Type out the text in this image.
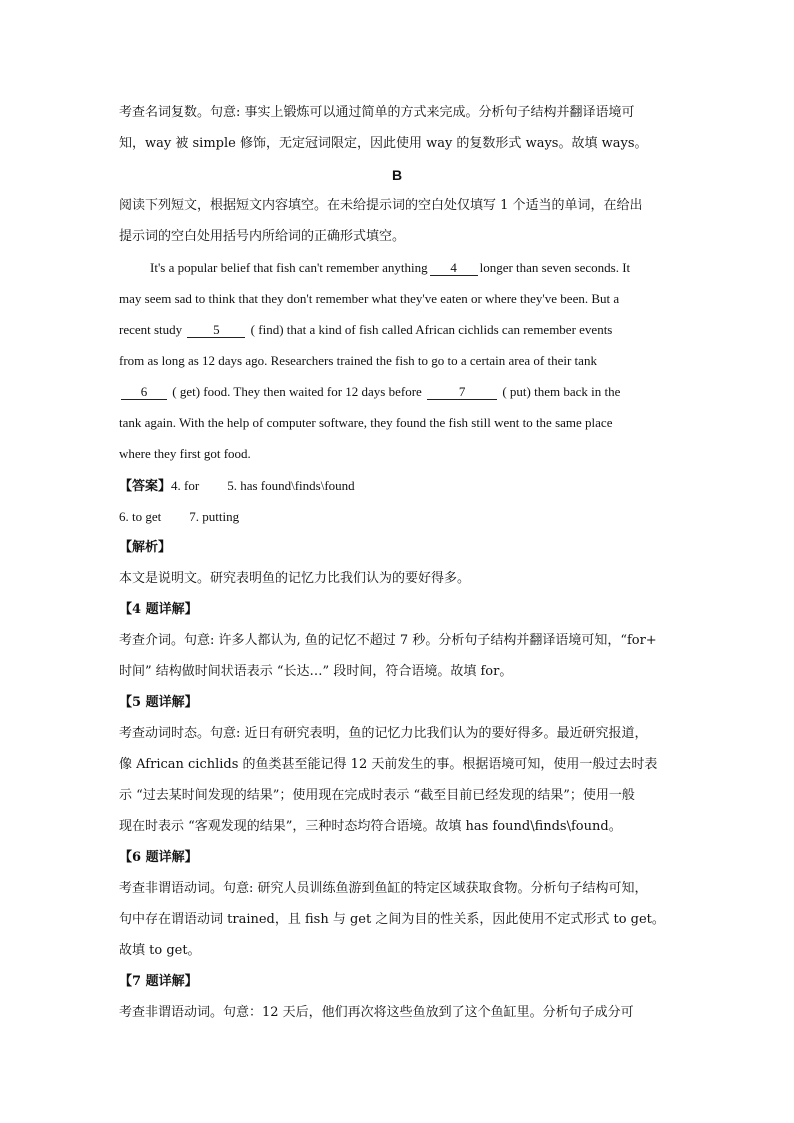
考查名词复数。句意: 事实上锻炼可以通过简单的方式来完成。分析句子结构并翻译语境可
知，way 被 simple 修饰，无定冠词限定，因此使用 way 的复数形式 ways。故填 ways。
B
阅读下列短文，根据短文内容填空。在未给提示词的空白处仅填写 1 个适当的单词，在给出
提示词的空白处用括号内所给词的正确形式填空。
It's a popular belief that fish can't remember anything 4 longer than seven seconds. It
may seem sad to think that they don't remember what they've eaten or where they've been. But a
recent study 5 ( find) that a kind of fish called African cichlids can remember events
from as long as 12 days ago. Researchers trained the fish to go to a certain area of their tank
6 ( get) food. They then waited for 12 days before	7	( put) them back in the
tank again. With the help of computer software, they found the fish still went to the same place
where they first got food.
【答案】4. for 5. has found\finds\found
6. to get 7. putting
【解析】
本文是说明文。研究表明鱼的记忆力比我们认为的要好得多。
【4 题详解】
考查介词。句意: 许多人都认为, 鱼的记忆不超过 7 秒。分析句子结构并翻译语境可知，“for+
时间” 结构做时间状语表示 “长达…” 段时间，符合语境。故填 for。
【5 题详解】
考查动词时态。句意: 近日有研究表明，鱼的记忆力比我们认为的要好得多。最近研究报道，
像 African cichlids 的鱼类甚至能记得 12 天前发生的事。根据语境可知，使用一般过去时表
示 “过去某时间发现的结果”；使用现在完成时表示 “截至目前已经发现的结果”；使用一般
现在时表示 “客观发现的结果”，三种时态均符合语境。故填 has found\finds\found。
【6 题详解】
考查非谓语动词。句意: 研究人员训练鱼游到鱼缸的特定区域获取食物。分析句子结构可知，
句中存在谓语动词 trained，且 fish 与 get 之间为目的性关系，因此使用不定式形式 to get。
故填 to get。
【7 题详解】
考查非谓语动词。句意：12 天后，他们再次将这些鱼放到了这个鱼缸里。分析句子成分可
